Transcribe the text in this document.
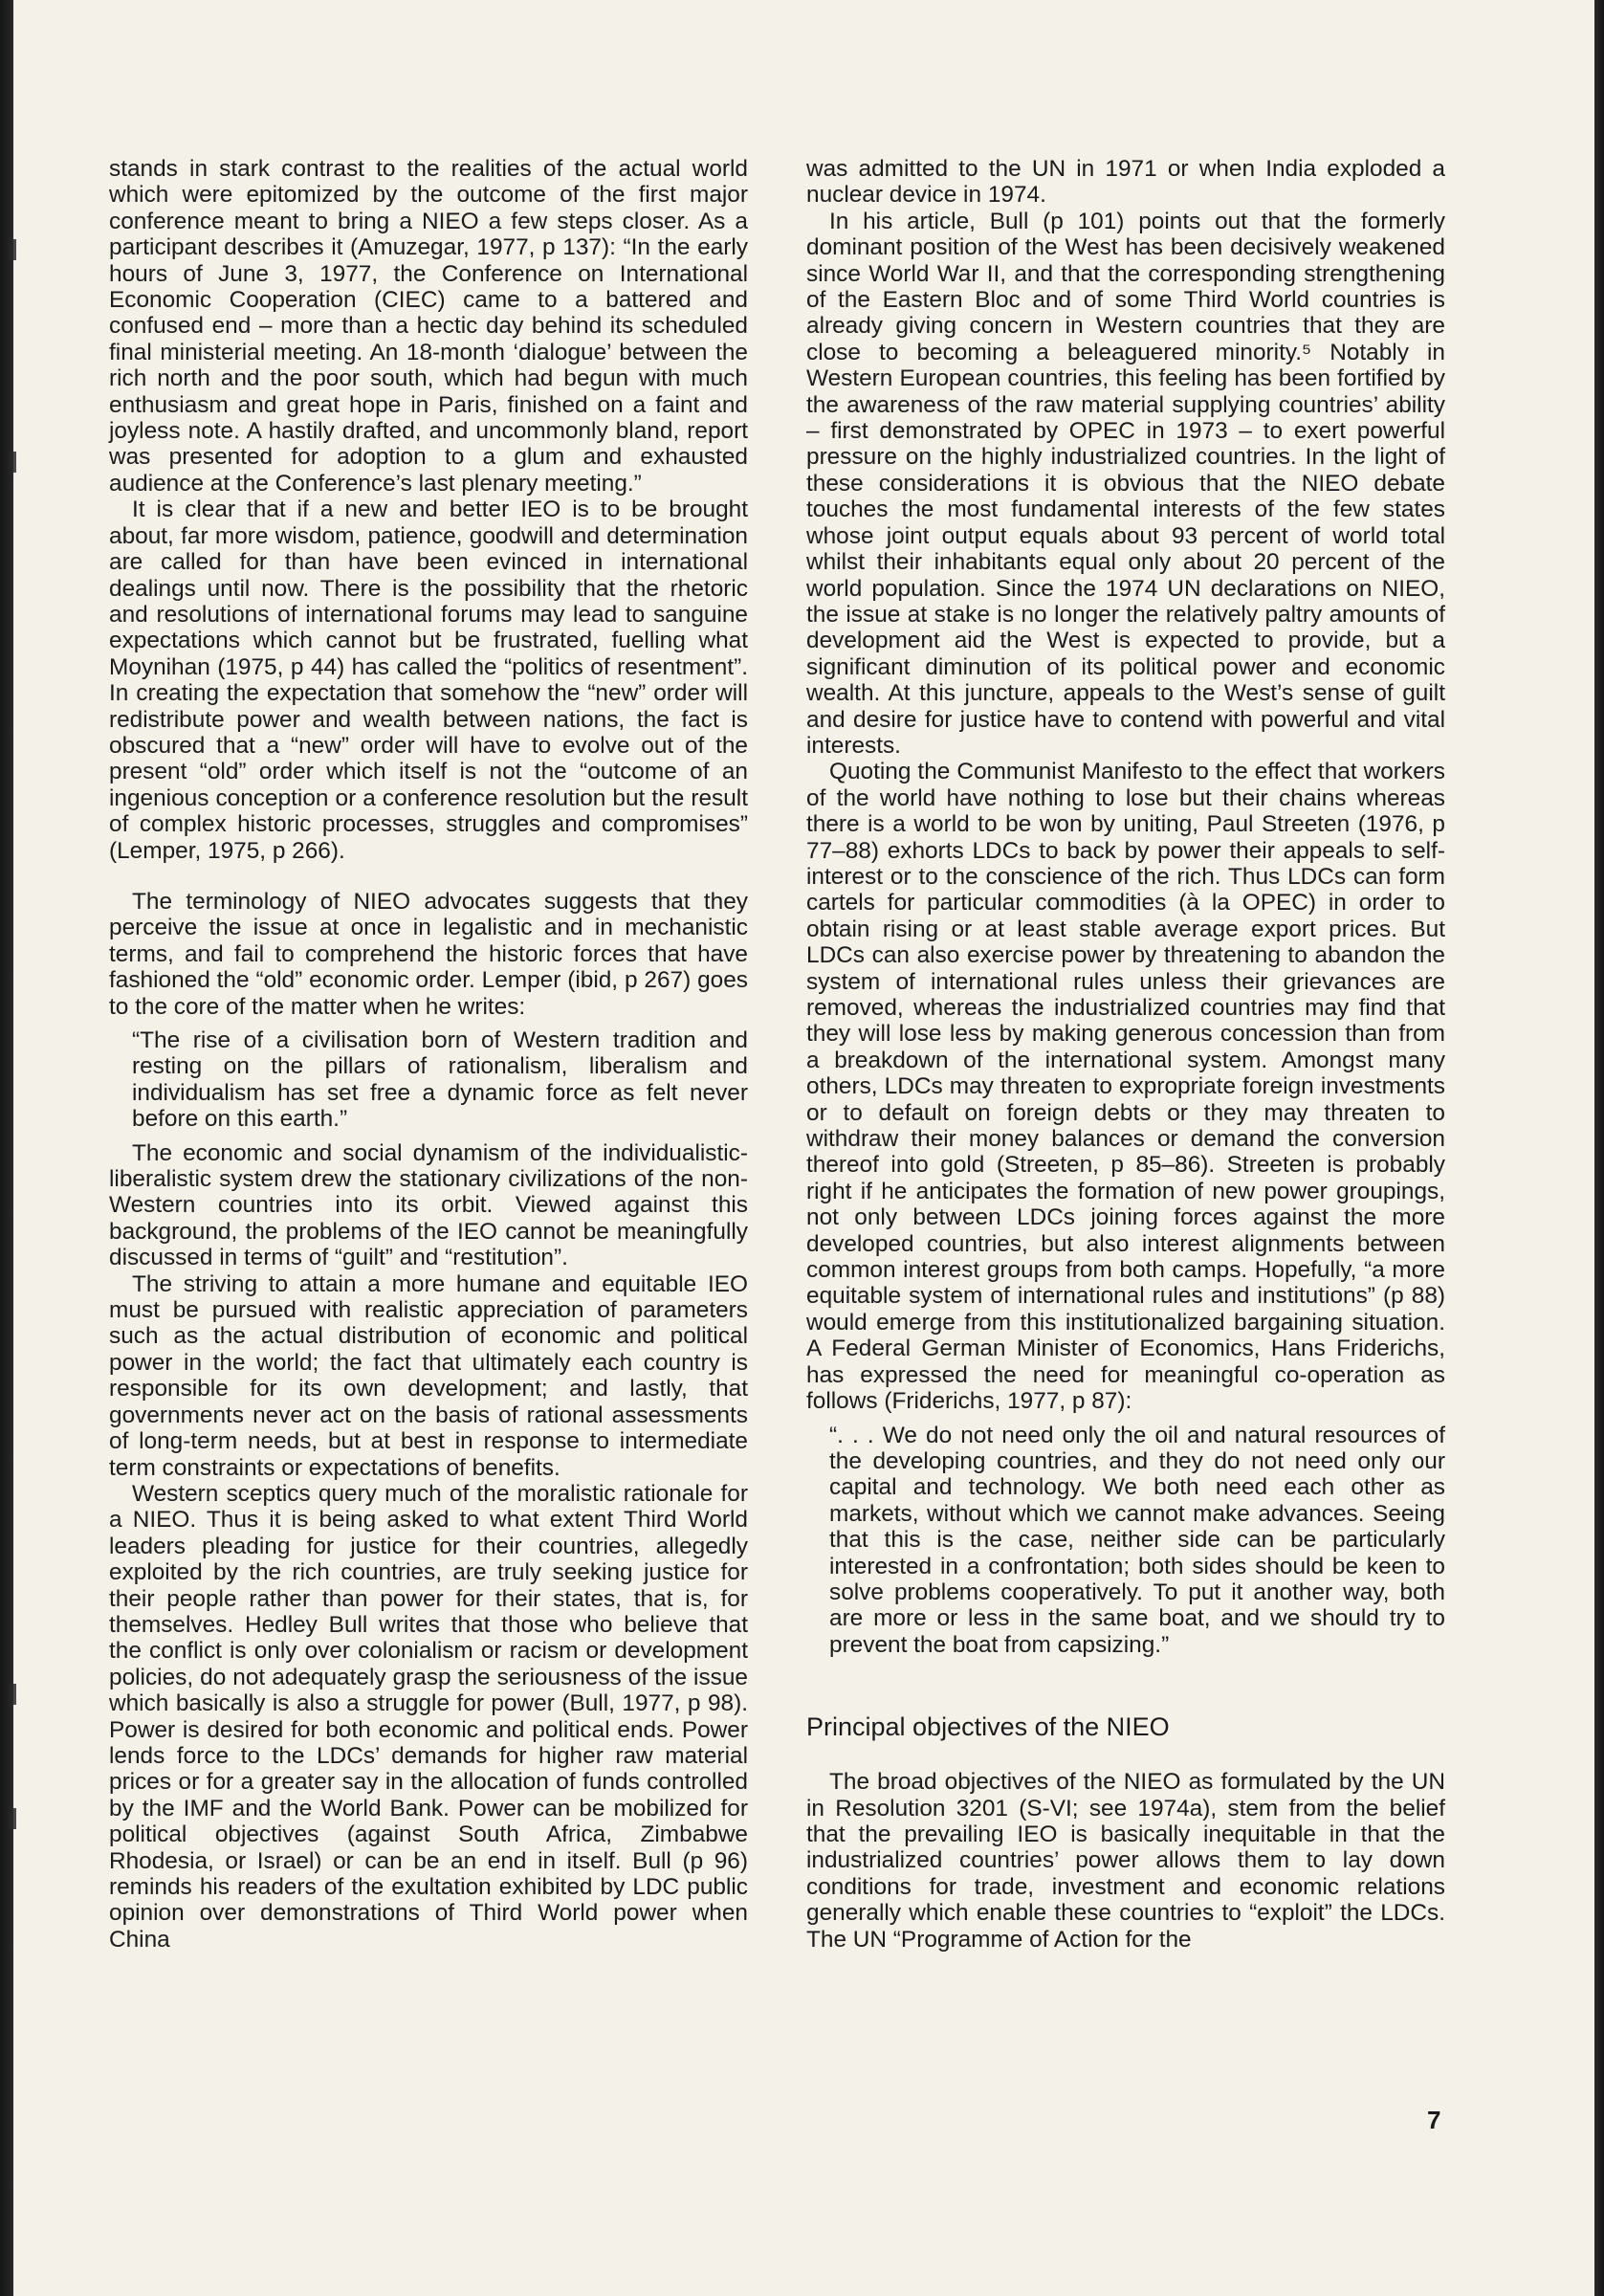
stands in stark contrast to the realities of the actual world which were epitomized by the outcome of the first major conference meant to bring a NIEO a few steps closer. As a participant describes it (Amuzegar, 1977, p 137): “In the early hours of June 3, 1977, the Conference on International Economic Cooperation (CIEC) came to a battered and confused end – more than a hectic day behind its scheduled final ministerial meeting. An 18-month ‘dialogue’ between the rich north and the poor south, which had begun with much enthusiasm and great hope in Paris, finished on a faint and joyless note. A hastily drafted, and uncommonly bland, report was presented for adoption to a glum and exhausted audience at the Conference’s last plenary meeting.”

It is clear that if a new and better IEO is to be brought about, far more wisdom, patience, goodwill and determination are called for than have been evinced in international dealings until now. There is the possibility that the rhetoric and resolutions of international forums may lead to sanguine expectations which cannot but be frustrated, fuelling what Moynihan (1975, p 44) has called the “politics of resentment”. In creating the expectation that somehow the “new” order will redistribute power and wealth between nations, the fact is obscured that a “new” order will have to evolve out of the present “old” order which itself is not the “outcome of an ingenious conception or a conference resolution but the result of complex historic processes, struggles and compromises” (Lemper, 1975, p 266).

The terminology of NIEO advocates suggests that they perceive the issue at once in legalistic and in mechanistic terms, and fail to comprehend the historic forces that have fashioned the “old” economic order. Lemper (ibid, p 267) goes to the core of the matter when he writes:

“The rise of a civilisation born of Western tradition and resting on the pillars of rationalism, liberalism and individualism has set free a dynamic force as felt never before on this earth.”

The economic and social dynamism of the individualistic-liberalistic system drew the stationary civilizations of the non-Western countries into its orbit. Viewed against this background, the problems of the IEO cannot be meaningfully discussed in terms of “guilt” and “restitution”.

The striving to attain a more humane and equitable IEO must be pursued with realistic appreciation of parameters such as the actual distribution of economic and political power in the world; the fact that ultimately each country is responsible for its own development; and lastly, that governments never act on the basis of rational assessments of long-term needs, but at best in response to intermediate term constraints or expectations of benefits.

Western sceptics query much of the moralistic rationale for a NIEO. Thus it is being asked to what extent Third World leaders pleading for justice for their countries, allegedly exploited by the rich countries, are truly seeking justice for their people rather than power for their states, that is, for themselves. Hedley Bull writes that those who believe that the conflict is only over colonialism or racism or development policies, do not adequately grasp the seriousness of the issue which basically is also a struggle for power (Bull, 1977, p 98). Power is desired for both economic and political ends. Power lends force to the LDCs’ demands for higher raw material prices or for a greater say in the allocation of funds controlled by the IMF and the World Bank. Power can be mobilized for political objectives (against South Africa, Zimbabwe Rhodesia, or Israel) or can be an end in itself. Bull (p 96) reminds his readers of the exultation exhibited by LDC public opinion over demonstrations of Third World power when China

was admitted to the UN in 1971 or when India exploded a nuclear device in 1974.

In his article, Bull (p 101) points out that the formerly dominant position of the West has been decisively weakened since World War II, and that the corresponding strengthening of the Eastern Bloc and of some Third World countries is already giving concern in Western countries that they are close to becoming a beleaguered minority.⁵ Notably in Western European countries, this feeling has been fortified by the awareness of the raw material supplying countries’ ability – first demonstrated by OPEC in 1973 – to exert powerful pressure on the highly industrialized countries. In the light of these considerations it is obvious that the NIEO debate touches the most fundamental interests of the few states whose joint output equals about 93 percent of world total whilst their inhabitants equal only about 20 percent of the world population. Since the 1974 UN declarations on NIEO, the issue at stake is no longer the relatively paltry amounts of development aid the West is expected to provide, but a significant diminution of its political power and economic wealth. At this juncture, appeals to the West’s sense of guilt and desire for justice have to contend with powerful and vital interests.

Quoting the Communist Manifesto to the effect that workers of the world have nothing to lose but their chains whereas there is a world to be won by uniting, Paul Streeten (1976, p 77–88) exhorts LDCs to back by power their appeals to self-interest or to the conscience of the rich. Thus LDCs can form cartels for particular commodities (à la OPEC) in order to obtain rising or at least stable average export prices. But LDCs can also exercise power by threatening to abandon the system of international rules unless their grievances are removed, whereas the industrialized countries may find that they will lose less by making generous concession than from a breakdown of the international system. Amongst many others, LDCs may threaten to expropriate foreign investments or to default on foreign debts or they may threaten to withdraw their money balances or demand the conversion thereof into gold (Streeten, p 85–86). Streeten is probably right if he anticipates the formation of new power groupings, not only between LDCs joining forces against the more developed countries, but also interest alignments between common interest groups from both camps. Hopefully, “a more equitable system of international rules and institutions” (p 88) would emerge from this institutionalized bargaining situation. A Federal German Minister of Economics, Hans Friderichs, has expressed the need for meaningful co-operation as follows (Friderichs, 1977, p 87):

“. . . We do not need only the oil and natural resources of the developing countries, and they do not need only our capital and technology. We both need each other as markets, without which we cannot make advances. Seeing that this is the case, neither side can be particularly interested in a confrontation; both sides should be keen to solve problems cooperatively. To put it another way, both are more or less in the same boat, and we should try to prevent the boat from capsizing.”

Principal objectives of the NIEO

The broad objectives of the NIEO as formulated by the UN in Resolution 3201 (S-VI; see 1974a), stem from the belief that the prevailing IEO is basically inequitable in that the industrialized countries’ power allows them to lay down conditions for trade, investment and economic relations generally which enable these countries to “exploit” the LDCs. The UN “Programme of Action for the

7
